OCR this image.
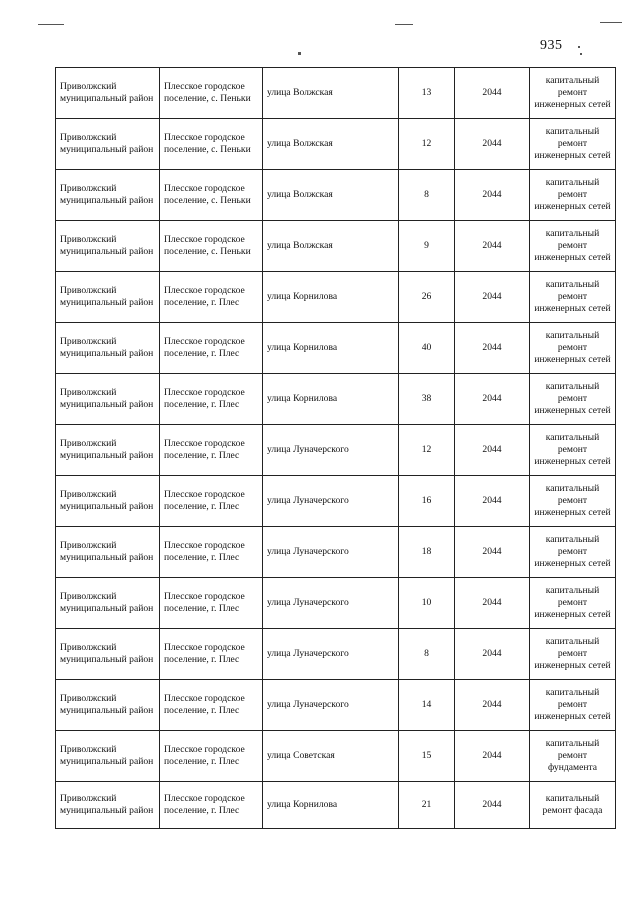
935
Приволжский муниципальный район	Плесское городское поселение, с. Пеньки	улица Волжская	13	2044	капитальный ремонт инженерных сетей
Приволжский муниципальный район	Плесское городское поселение, с. Пеньки	улица Волжская	12	2044	капитальный ремонт инженерных сетей
Приволжский муниципальный район	Плесское городское поселение, с. Пеньки	улица Волжская	8	2044	капитальный ремонт инженерных сетей
Приволжский муниципальный район	Плесское городское поселение, с. Пеньки	улица Волжская	9	2044	капитальный ремонт инженерных сетей
Приволжский муниципальный район	Плесское городское поселение, г. Плес	улица Корнилова	26	2044	капитальный ремонт инженерных сетей
Приволжский муниципальный район	Плесское городское поселение, г. Плес	улица Корнилова	40	2044	капитальный ремонт инженерных сетей
Приволжский муниципальный район	Плесское городское поселение, г. Плес	улица Корнилова	38	2044	капитальный ремонт инженерных сетей
Приволжский муниципальный район	Плесское городское поселение, г. Плес	улица Луначерского	12	2044	капитальный ремонт инженерных сетей
Приволжский муниципальный район	Плесское городское поселение, г. Плес	улица Луначерского	16	2044	капитальный ремонт инженерных сетей
Приволжский муниципальный район	Плесское городское поселение, г. Плес	улица Луначерского	18	2044	капитальный ремонт инженерных сетей
Приволжский муниципальный район	Плесское городское поселение, г. Плес	улица Луначерского	10	2044	капитальный ремонт инженерных сетей
Приволжский муниципальный район	Плесское городское поселение, г. Плес	улица Луначерского	8	2044	капитальный ремонт инженерных сетей
Приволжский муниципальный район	Плесское городское поселение, г. Плес	улица Луначерского	14	2044	капитальный ремонт инженерных сетей
Приволжский муниципальный район	Плесское городское поселение, г. Плес	улица Советская	15	2044	капитальный ремонт фундамента
Приволжский муниципальный район	Плесское городское поселение, г. Плес	улица Корнилова	21	2044	капитальный ремонт фасада
